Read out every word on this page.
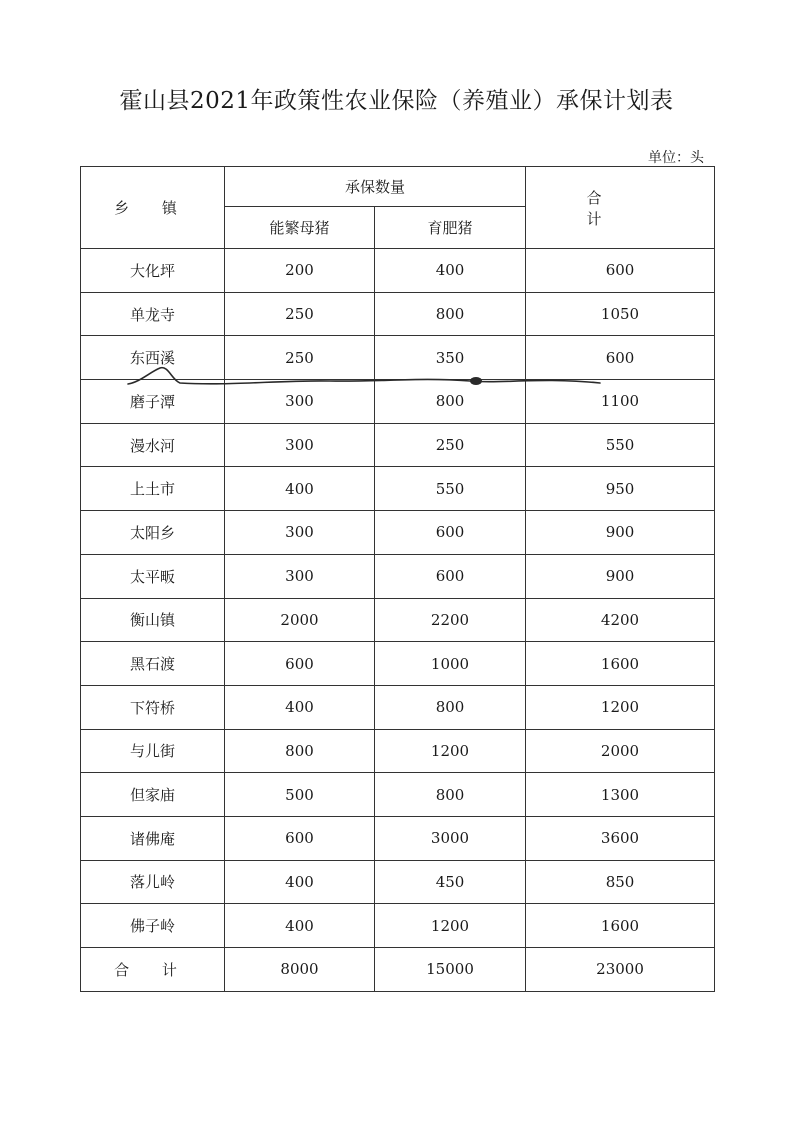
霍山县2021年政策性农业保险（养殖业）承保计划表
单位：头
乡 镇	承保数量		合 计
	能繁母猪	育肥猪	
大化坪	200	400	600
单龙寺	250	800	1050
东西溪	250	350	600
磨子潭	300	800	1100
漫水河	300	250	550
上土市	400	550	950
太阳乡	300	600	900
太平畈	300	600	900
衡山镇	2000	2200	4200
黑石渡	600	1000	1600
下符桥	400	800	1200
与儿街	800	1200	2000
但家庙	500	800	1300
诸佛庵	600	3000	3600
落儿岭	400	450	850
佛子岭	400	1200	1600
合 计	8000	15000	23000
